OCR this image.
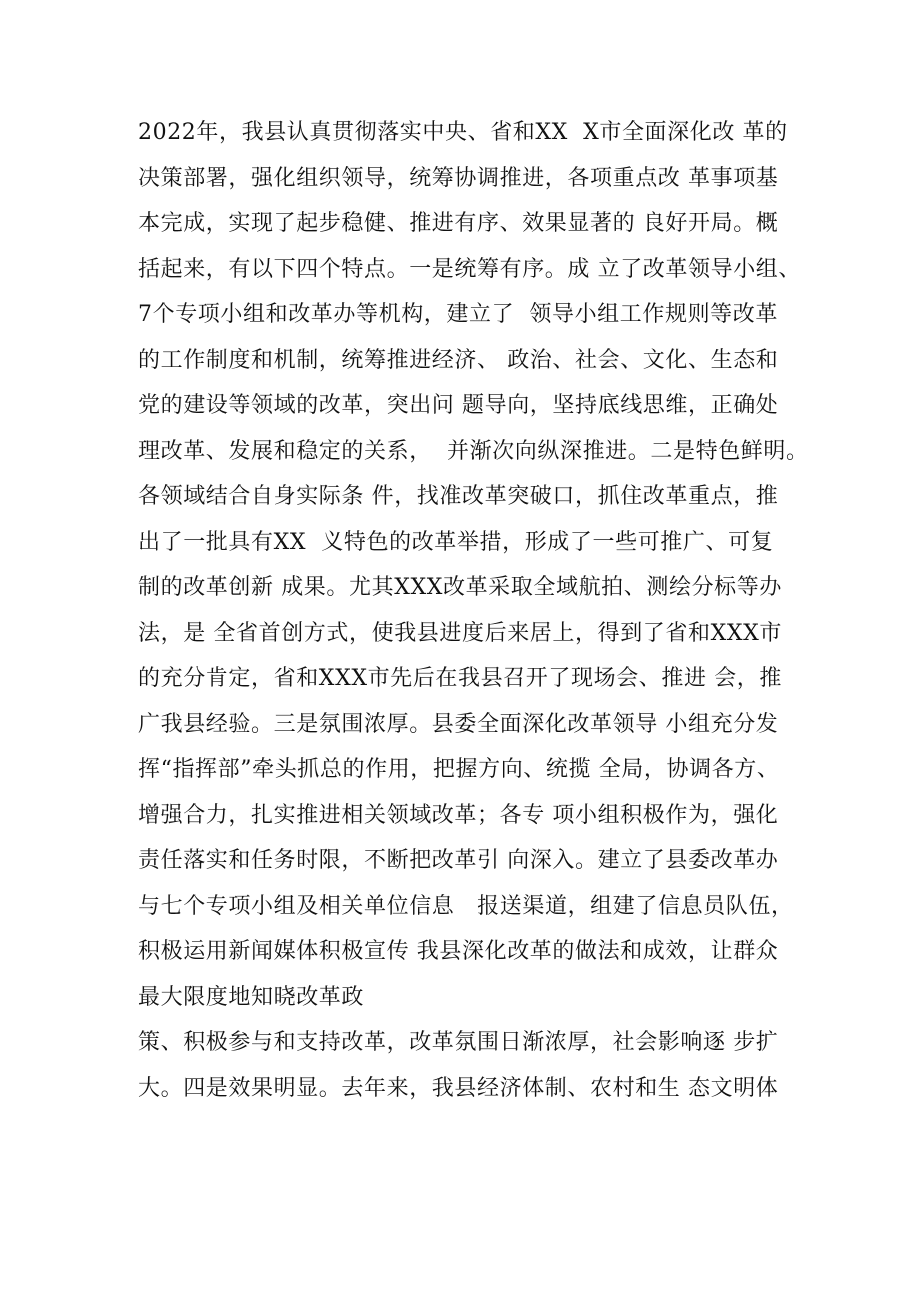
2022年，我县认真贯彻落实中央、省和XX  X市全面深化改 革的
决策部署，强化组织领导，统筹协调推进，各项重点改 革事项基
本完成，实现了起步稳健、推进有序、效果显著的 良好开局。概
括起来，有以下四个特点。一是统筹有序。成 立了改革领导小组、
7个专项小组和改革办等机构，建立了  领导小组工作规则等改革
的工作制度和机制，统筹推进经济、 政治、社会、文化、生态和
党的建设等领域的改革，突出问 题导向，坚持底线思维，正确处
理改革、发展和稳定的关系，  并渐次向纵深推进。二是特色鲜明。
各领域结合自身实际条 件，找准改革突破口，抓住改革重点，推
出了一批具有XX  义特色的改革举措，形成了一些可推广、可复
制的改革创新 成果。尤其XXX改革采取全域航拍、测绘分标等办
法，是 全省首创方式，使我县进度后来居上，得到了省和XXX市
的充分肯定，省和XXX市先后在我县召开了现场会、推进 会，推
广我县经验。三是氛围浓厚。县委全面深化改革领导 小组充分发
挥“指挥部”牵头抓总的作用，把握方向、统揽 全局，协调各方、
增强合力，扎实推进相关领域改革；各专 项小组积极作为，强化
责任落实和任务时限，不断把改革引 向深入。建立了县委改革办
与七个专项小组及相关单位信息   报送渠道，组建了信息员队伍，
积极运用新闻媒体积极宣传 我县深化改革的做法和成效，让群众
最大限度地知晓改革政
策、积极参与和支持改革，改革氛围日渐浓厚，社会影响逐 步扩
大。四是效果明显。去年来，我县经济体制、农村和生 态文明体
